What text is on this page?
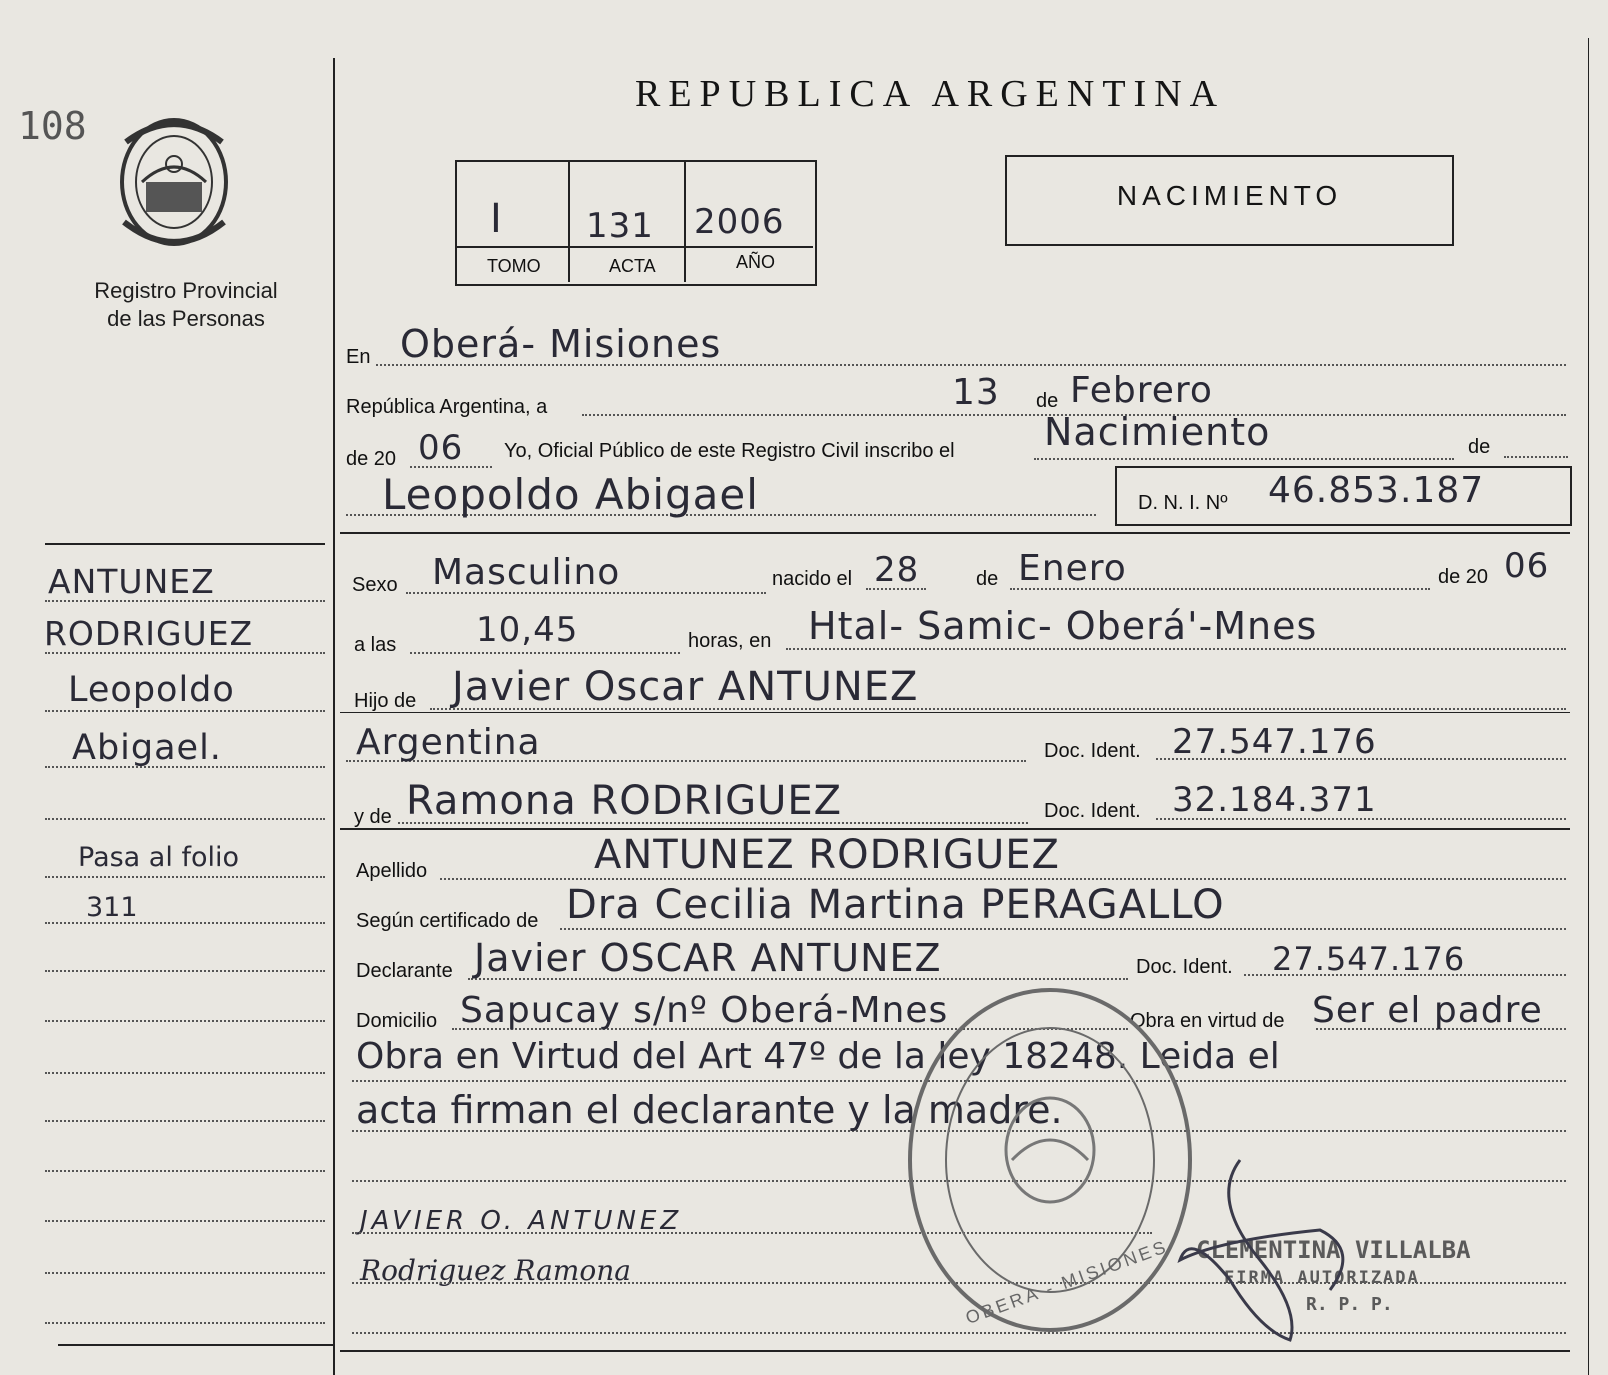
108
Registro Provincial
de las Personas
REPUBLICA ARGENTINA
I 131 2006
TOMO	ACTA	AÑO
NACIMIENTO
ANTUNEZ
RODRIGUEZ
Leopoldo
Abigael.
Pasa al folio
311
En Oberá- Misiones
República Argentina, a	13 de Febrero
de 20 06 Yo, Oficial Público de este Registro Civil inscribo el Nacimiento	de
Leopoldo Abigael	D. N. I. Nº 46.853.187
Sexo Masculino	nacido el 28	de Enero	de 20 06
a las 10,45	horas, en Htal- Samic- Oberá'-Mnes
Hijo de Javier Oscar ANTUNEZ
Argentina	Doc. Ident. 27.547.176
y de Ramona RODRIGUEZ	Doc. Ident. 32.184.371
Apellido	ANTUNEZ RODRIGUEZ
Según certificado de Dra Cecilia Martina PERAGALLO
Declarante Javier OSCAR ANTUNEZ	Doc. Ident. 27.547.176
Domicilio Sapucay s/nº Oberá-Mnes	Obra en virtud de Ser el padre
Obra en Virtud del Art 47º de la ley 18248. Leida el
acta firman el declarante y la madre.
JAVIER O. ANTUNEZ
Rodriguez Ramona	OBERA - MISIONES CLEMENTINA VILLALBA
FIRMA AUTORIZADA
R. P. P.
